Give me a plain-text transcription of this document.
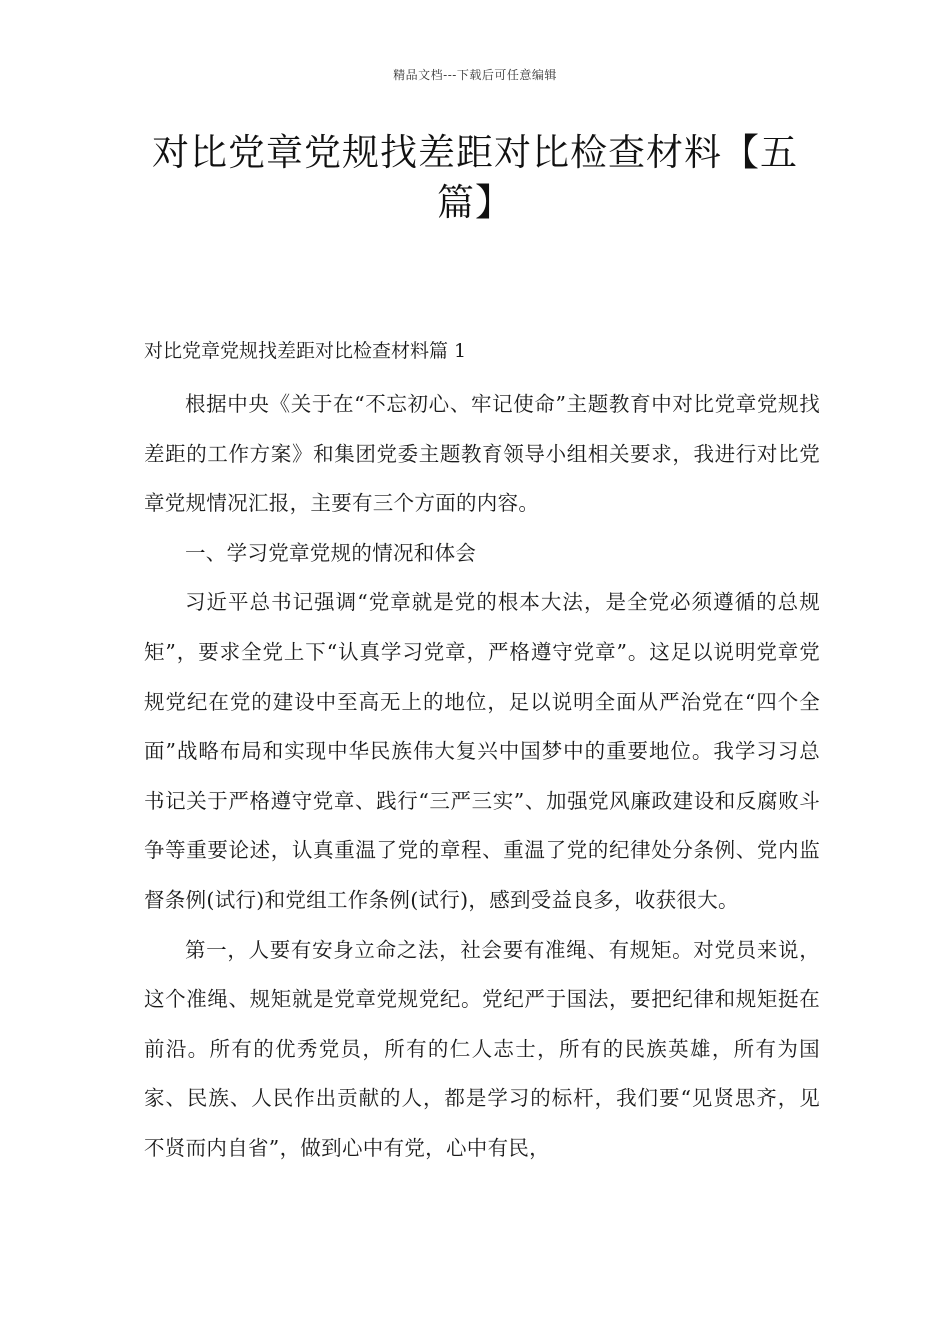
精品文档---下载后可任意编辑
对比党章党规找差距对比检查材料【五篇】
对比党章党规找差距对比检查材料篇 1

根据中央《关于在“不忘初心、牢记使命”主题教育中对比党章党规找差距的工作方案》和集团党委主题教育领导小组相关要求，我进行对比党章党规情况汇报，主要有三个方面的内容。

一、学习党章党规的情况和体会

习近平总书记强调“党章就是党的根本大法，是全党必须遵循的总规矩”，要求全党上下“认真学习党章，严格遵守党章”。这足以说明党章党规党纪在党的建设中至高无上的地位，足以说明全面从严治党在“四个全面”战略布局和实现中华民族伟大复兴中国梦中的重要地位。我学习习总书记关于严格遵守党章、践行“三严三实”、加强党风廉政建设和反腐败斗争等重要论述，认真重温了党的章程、重温了党的纪律处分条例、党内监督条例(试行)和党组工作条例(试行)，感到受益良多，收获很大。

第一，人要有安身立命之法，社会要有准绳、有规矩。对党员来说，这个准绳、规矩就是党章党规党纪。党纪严于国法，要把纪律和规矩挺在前沿。所有的优秀党员，所有的仁人志士，所有的民族英雄，所有为国家、民族、人民作出贡献的人，都是学习的标杆，我们要“见贤思齐，见不贤而内自省”，做到心中有党，心中有民，
